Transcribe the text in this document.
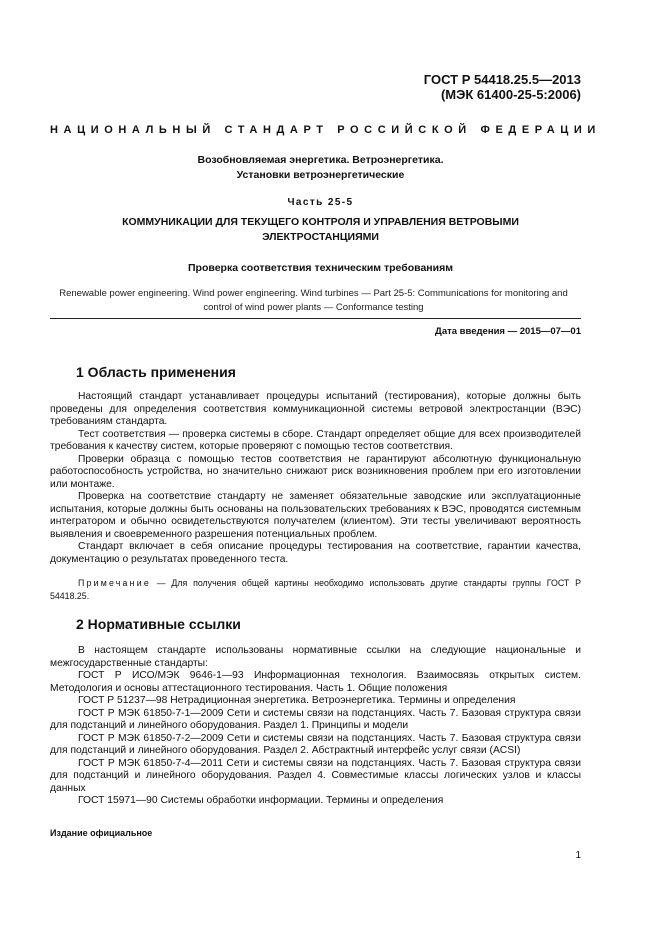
ГОСТ Р 54418.25.5—2013
(МЭК 61400-25-5:2006)
НАЦИОНАЛЬНЫЙ СТАНДАРТ РОССИЙСКОЙ ФЕДЕРАЦИИ
Возобновляемая энергетика. Ветроэнергетика.
Установки ветроэнергетические
Часть 25-5
КОММУНИКАЦИИ ДЛЯ ТЕКУЩЕГО КОНТРОЛЯ И УПРАВЛЕНИЯ ВЕТРОВЫМИ
ЭЛЕКТРОСТАНЦИЯМИ
Проверка соответствия техническим требованиям
Renewable power engineering. Wind power engineering. Wind turbines — Part 25-5: Communications for monitoring and
control of wind power plants — Conformance testing
Дата введения — 2015—07—01
1 Область применения

Настоящий стандарт устанавливает процедуры испытаний (тестирования), которые должны быть проведены для определения соответствия коммуникационной системы ветровой электростанции (ВЭС) требованиям стандарта.

Тест соответствия — проверка системы в сборе. Стандарт определяет общие для всех производителей требования к качеству систем, которые проверяют с помощью тестов соответствия.

Проверки образца с помощью тестов соответствия не гарантируют абсолютную функциональную работоспособность устройства, но значительно снижают риск возникновения проблем при его изготовлении или монтаже.

Проверка на соответствие стандарту не заменяет обязательные заводские или эксплуатационные испытания, которые должны быть основаны на пользовательских требованиях к ВЭС, проводятся системным интегратором и обычно освидетельствуются получателем (клиентом). Эти тесты увеличивают вероятность выявления и своевременного разрешения потенциальных проблем.

Стандарт включает в себя описание процедуры тестирования на соответствие, гарантии качества, документацию о результатах проведенного теста.

Примечание — Для получения общей картины необходимо использовать другие стандарты группы ГОСТ Р 54418.25.
2 Нормативные ссылки

В настоящем стандарте использованы нормативные ссылки на следующие национальные и межгосударственные стандарты:

ГОСТ Р ИСО/МЭК 9646-1—93 Информационная технология. Взаимосвязь открытых систем. Методология и основы аттестационного тестирования. Часть 1. Общие положения

ГОСТ Р 51237—98 Нетрадиционная энергетика. Ветроэнергетика. Термины и определения

ГОСТ Р МЭК 61850-7-1—2009 Сети и системы связи на подстанциях. Часть 7. Базовая структура связи для подстанций и линейного оборудования. Раздел 1. Принципы и модели

ГОСТ Р МЭК 61850-7-2—2009 Сети и системы связи на подстанциях. Часть 7. Базовая структура связи для подстанций и линейного оборудования. Раздел 2. Абстрактный интерфейс услуг связи (ACSI)

ГОСТ Р МЭК 61850-7-4—2011 Сети и системы связи на подстанциях. Часть 7. Базовая структура связи для подстанций и линейного оборудования. Раздел 4. Совместимые классы логических узлов и классы данных

ГОСТ 15971—90 Системы обработки информации. Термины и определения

Издание официальное
1
